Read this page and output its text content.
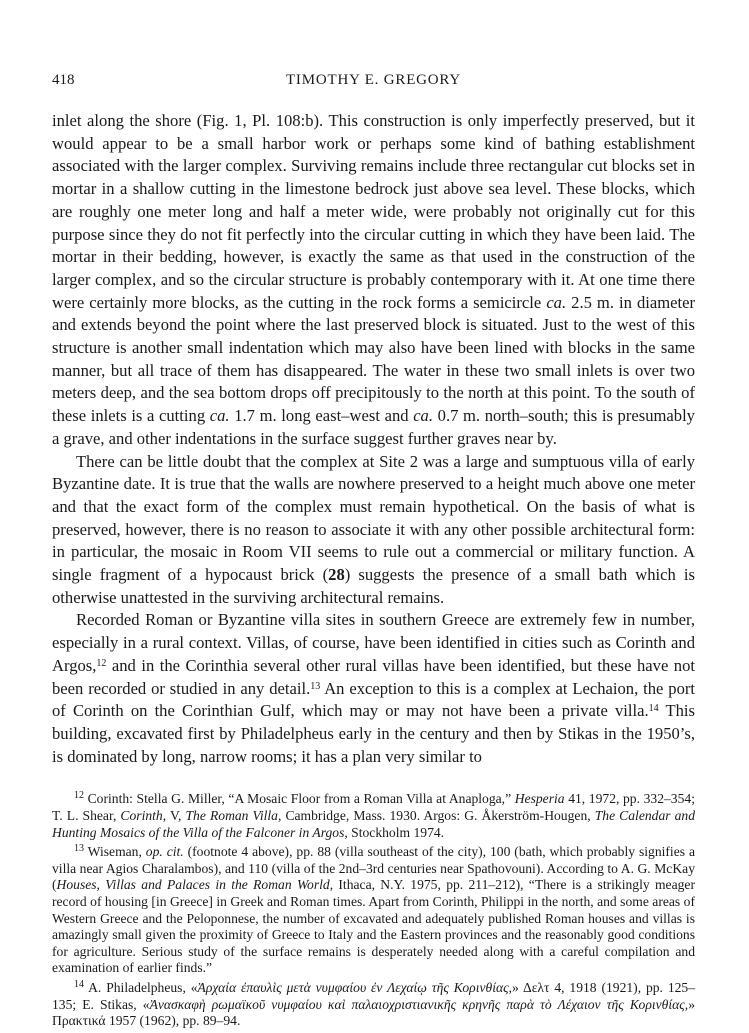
418	TIMOTHY E. GREGORY

inlet along the shore (Fig. 1, Pl. 108:b). This construction is only imperfectly preserved, but it would appear to be a small harbor work or perhaps some kind of bathing establishment associated with the larger complex. Surviving remains include three rectangular cut blocks set in mortar in a shallow cutting in the limestone bedrock just above sea level. These blocks, which are roughly one meter long and half a meter wide, were probably not originally cut for this purpose since they do not fit perfectly into the circular cutting in which they have been laid. The mortar in their bedding, however, is exactly the same as that used in the construction of the larger complex, and so the circular structure is probably contemporary with it. At one time there were certainly more blocks, as the cutting in the rock forms a semicircle ca. 2.5 m. in diameter and extends beyond the point where the last preserved block is situated. Just to the west of this structure is another small indentation which may also have been lined with blocks in the same manner, but all trace of them has disappeared. The water in these two small inlets is over two meters deep, and the sea bottom drops off precipitously to the north at this point. To the south of these inlets is a cutting ca. 1.7 m. long east–west and ca. 0.7 m. north–south; this is presumably a grave, and other indentations in the surface suggest further graves near by.

There can be little doubt that the complex at Site 2 was a large and sumptuous villa of early Byzantine date. It is true that the walls are nowhere preserved to a height much above one meter and that the exact form of the complex must remain hypothetical. On the basis of what is preserved, however, there is no reason to associate it with any other possible architectural form: in particular, the mosaic in Room VII seems to rule out a commercial or military function. A single fragment of a hypocaust brick (28) suggests the presence of a small bath which is otherwise unattested in the surviving architectural remains.

Recorded Roman or Byzantine villa sites in southern Greece are extremely few in number, especially in a rural context. Villas, of course, have been identified in cities such as Corinth and Argos,$^{12}$ and in the Corinthia several other rural villas have been identified, but these have not been recorded or studied in any detail.$^{13}$ An exception to this is a complex at Lechaion, the port of Corinth on the Corinthian Gulf, which may or may not have been a private villa.$^{14}$ This building, excavated first by Philadelpheus early in the century and then by Stikas in the 1950’s, is dominated by long, narrow rooms; it has a plan very similar to

$^{12}$ Corinth: Stella G. Miller, “A Mosaic Floor from a Roman Villa at Anaploga,” Hesperia 41, 1972, pp. 332–354; T. L. Shear, Corinth, V, The Roman Villa, Cambridge, Mass. 1930. Argos: G. Åkerström-Hougen, The Calendar and Hunting Mosaics of the Villa of the Falconer in Argos, Stockholm 1974.

$^{13}$ Wiseman, op. cit. (footnote 4 above), pp. 88 (villa southeast of the city), 100 (bath, which probably signifies a villa near Agios Charalambos), and 110 (villa of the 2nd–3rd centuries near Spathovouni). According to A. G. McKay (Houses, Villas and Palaces in the Roman World, Ithaca, N.Y. 1975, pp. 211–212), “There is a strikingly meager record of housing [in Greece] in Greek and Roman times. Apart from Corinth, Philippi in the north, and some areas of Western Greece and the Peloponnese, the number of excavated and adequately published Roman houses and villas is amazingly small given the proximity of Greece to Italy and the Eastern provinces and the reasonably good conditions for agriculture. Serious study of the surface remains is desperately needed along with a careful compilation and examination of earlier finds.”

$^{14}$ A. Philadelpheus, «Ἀρχαία ἐπαυλὶς μετὰ νυμφαίου ἐν Λεχαίῳ τῆς Κορινθίας,» Δελτ 4, 1918 (1921), pp. 125–135; E. Stikas, «Ἀνασκαφὴ ρωμαϊκοῦ νυμφαίου καὶ παλαιοχριστιανικῆς κρηνῆς παρὰ τὸ Λέχαιον τῆς Κορινθίας,» Πρακτικά 1957 (1962), pp. 89–94.
